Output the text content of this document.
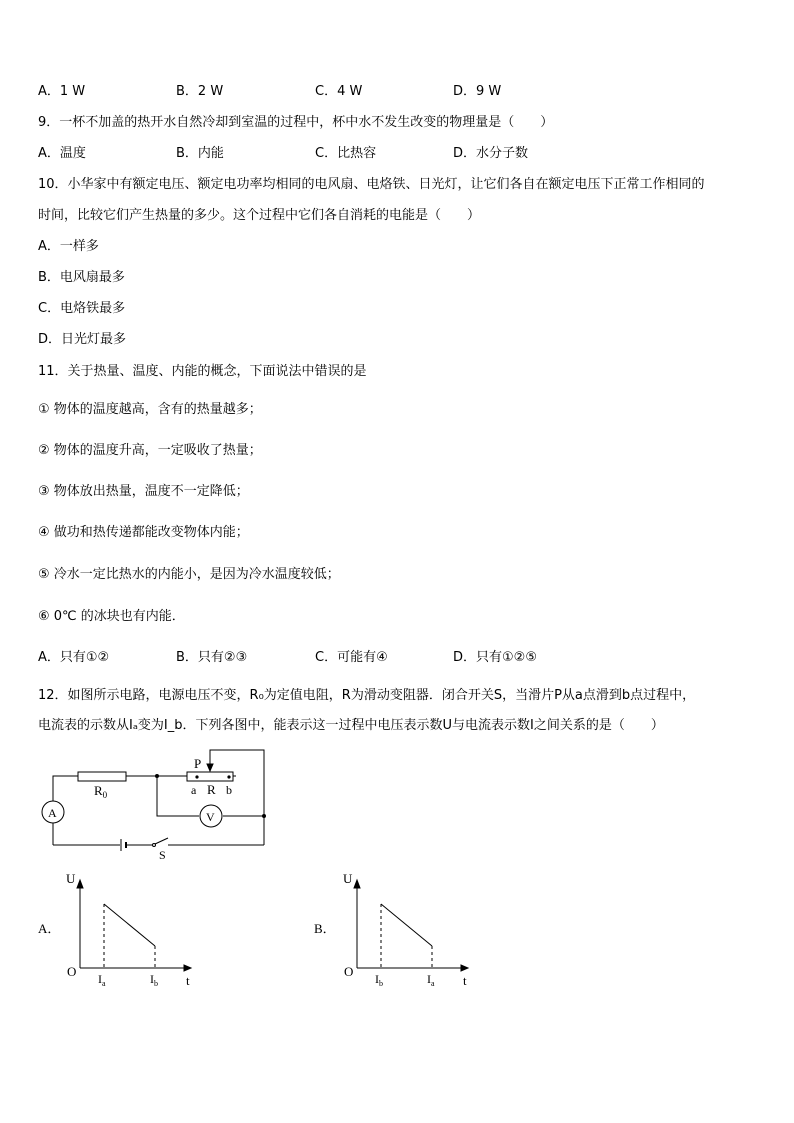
A．1 W	B．2 W	C．4 W	D．9 W
9．一杯不加盖的热开水自然冷却到室温的过程中，杯中水不发生改变的物理量是（　　）
A．温度	B．内能	C．比热容	D．水分子数
10．小华家中有额定电压、额定电功率均相同的电风扇、电烙铁、日光灯，让它们各自在额定电压下正常工作相同的
时间，比较它们产生热量的多少。这个过程中它们各自消耗的电能是（　　）
A．一样多
B．电风扇最多
C．电烙铁最多
D．日光灯最多
11．关于热量、温度、内能的概念，下面说法中错误的是
① 物体的温度越高，含有的热量越多；
② 物体的温度升高，一定吸收了热量；
③ 物体放出热量，温度不一定降低；
④ 做功和热传递都能改变物体内能；
⑤ 冷水一定比热水的内能小，是因为冷水温度较低；
⑥ 0℃ 的冰块也有内能．
A．只有①②	B．只有②③	C．可能有④	D．只有①②⑤
12．如图所示电路，电源电压不变，R₀为定值电阻，R为滑动变阻器．闭合开关S，当滑片P从a点滑到b点过程中，
电流表的示数从Iₐ变为I_b．下列各图中，能表示这一过程中电压表示数U与电流表示数I之间关系的是（　　）
$R_0$
P
a R b
V
A
S
A．
U
O
t
$I_a$	$I_b$
B．
U
O
t
$I_b$	$I_a$
